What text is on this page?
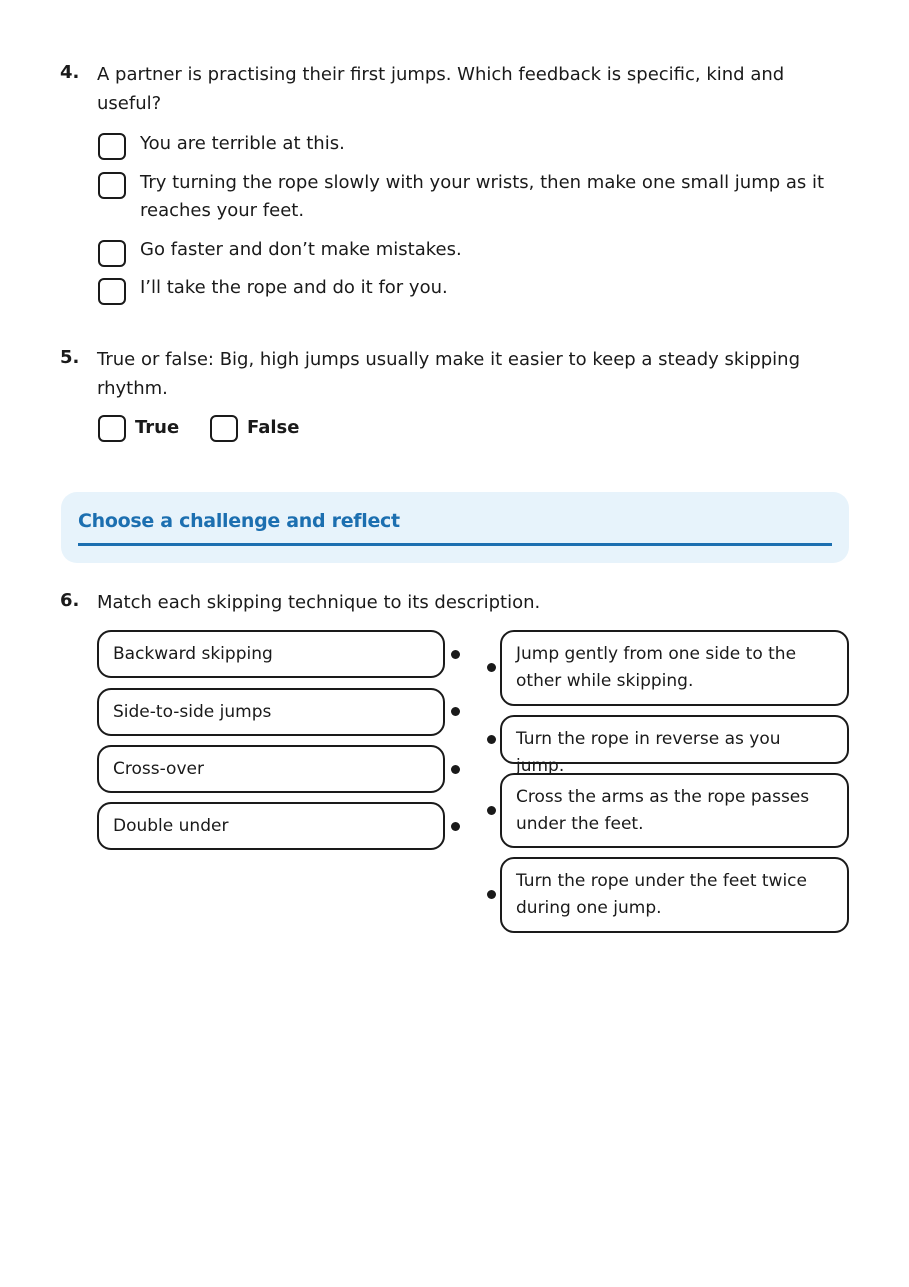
4. A partner is practising their first jumps. Which feedback is specific, kind and useful?
You are terrible at this.
Try turning the rope slowly with your wrists, then make one small jump as it reaches your feet.
Go faster and don’t make mistakes.
I’ll take the rope and do it for you.
5. True or false: Big, high jumps usually make it easier to keep a steady skipping rhythm.
True	False
Choose a challenge and reflect
6. Match each skipping technique to its description.
Backward skipping
Side-to-side jumps
Cross-over
Double under
Jump gently from one side to the other while skipping.
Turn the rope in reverse as you jump.
Cross the arms as the rope passes under the feet.
Turn the rope under the feet twice during one jump.
